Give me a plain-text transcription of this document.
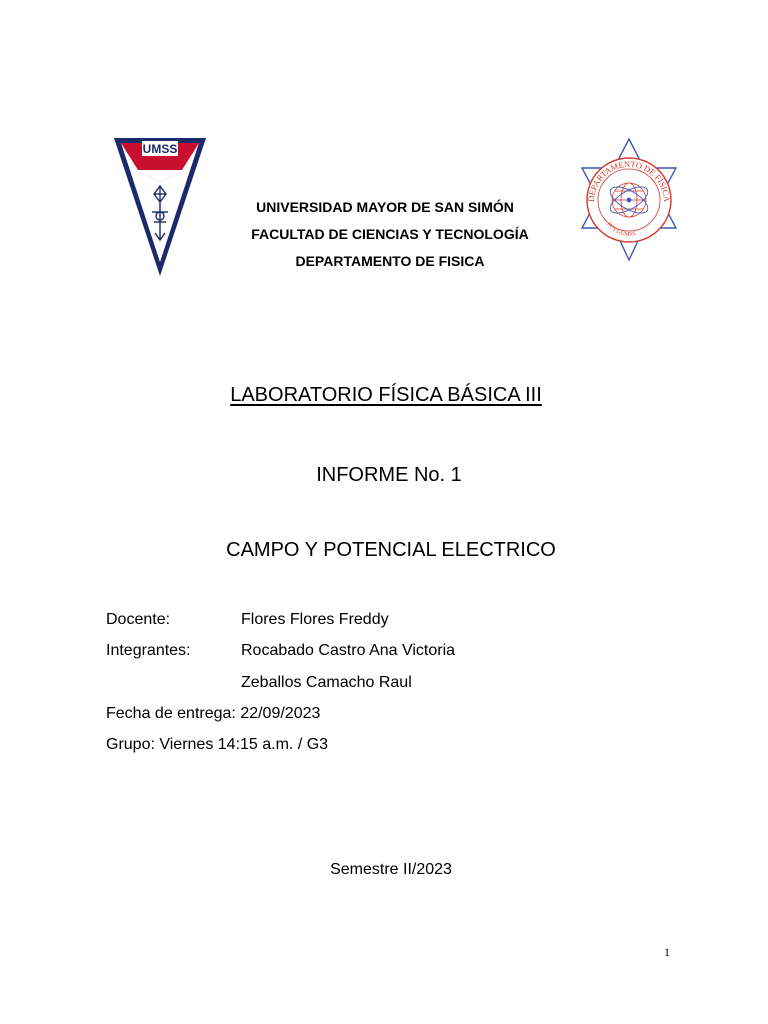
UMSS
DEPARTAMENTO DE FÍSICA
FCYT-UMSS
UNIVERSIDAD MAYOR DE SAN SIMÓN
FACULTAD DE CIENCIAS Y TECNOLOGÍA
DEPARTAMENTO DE FISICA
LABORATORIO FÍSICA BÁSICA III
INFORME No. 1
CAMPO Y POTENCIAL ELECTRICO
Docente:	Flores Flores Freddy
Integrantes:	Rocabado Castro Ana Victoria
Zeballos Camacho Raul
Fecha de entrega: 22/09/2023
Grupo: Viernes 14:15 a.m. / G3
Semestre II/2023
1
